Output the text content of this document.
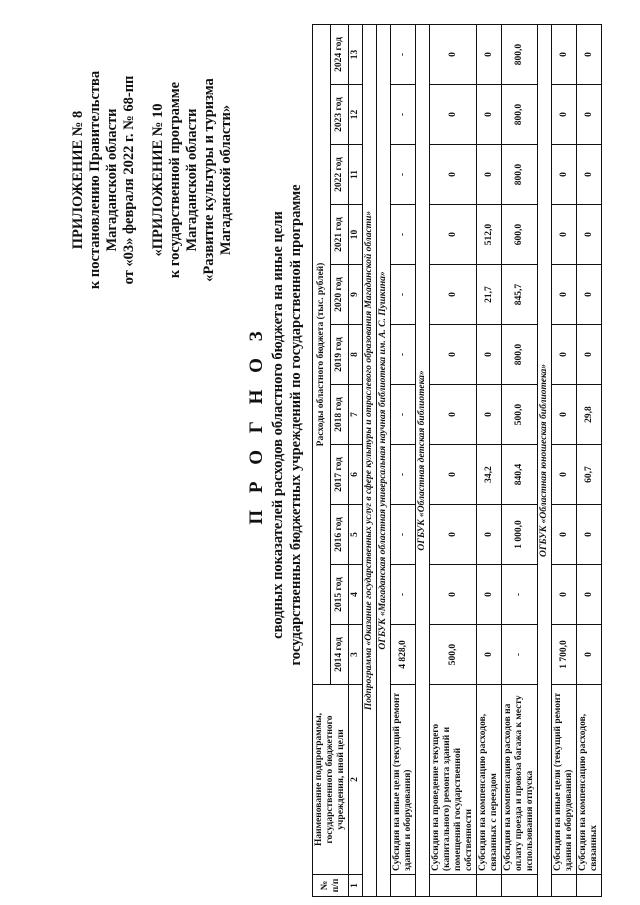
ПРИЛОЖЕНИЕ № 8 к постановлению Правительства Магаданской области от «03» февраля 2022 г. № 68-пп «ПРИЛОЖЕНИЕ № 10 к государственной программе Магаданской области «Развитие культуры и туризма Магаданской области»
П Р О Г Н О З сводных показателей расходов областного бюджета на иные цели государственных бюджетных учреждений по государственной программе
№ п/п	Наименование подпрограммы, государственного бюджетного учреждения, иной цели	Расходы областного бюджета (тыс. рублей)										
		2014 год	2015 год	2016 год	2017 год	2018 год	2019 год	2020 год	2021 год	2022 год	2023 год	2024 год
1	2	3	4	5	6	7	8	9	10	11	12	13
Подпрограмма «Оказание государственных услуг в сфере культуры и отраслевого образования Магаданской области»												
ОГБУК «Магаданская областная универсальная научная библиотека им. А. С. Пушкина»												
	Субсидия на иные цели (текущий ремонт здания и оборудования)	4 828,0	-	-	-	-	-	-	-	-	-	-
ОГБУК «Областная детская библиотека»												
	Субсидия на проведение текущего (капитального) ремонта зданий и помещений государственной собственности	500,0	0	0	0	0	0	0	0	0	0	0
	Субсидия на компенсацию расходов, связанных с переездом	0	0	0	34,2	0	0	21,7	512,0	0	0	0
	Субсидия на компенсацию расходов на оплату проезда и провоза багажа к месту использования отпуска	-	-	1 000,0	840,4	500,0	800,0	845,7	600,0	800,0	800,0	800,0
ОГБУК «Областная юношеская библиотека»												
	Субсидия на иные цели (текущий ремонт здания и оборудования)	1 700,0	0	0	0	0	0	0	0	0	0	0
	Субсидия на компенсацию расходов, связанных	0	0	0	60,7	29,8	0	0	0	0	0	0
